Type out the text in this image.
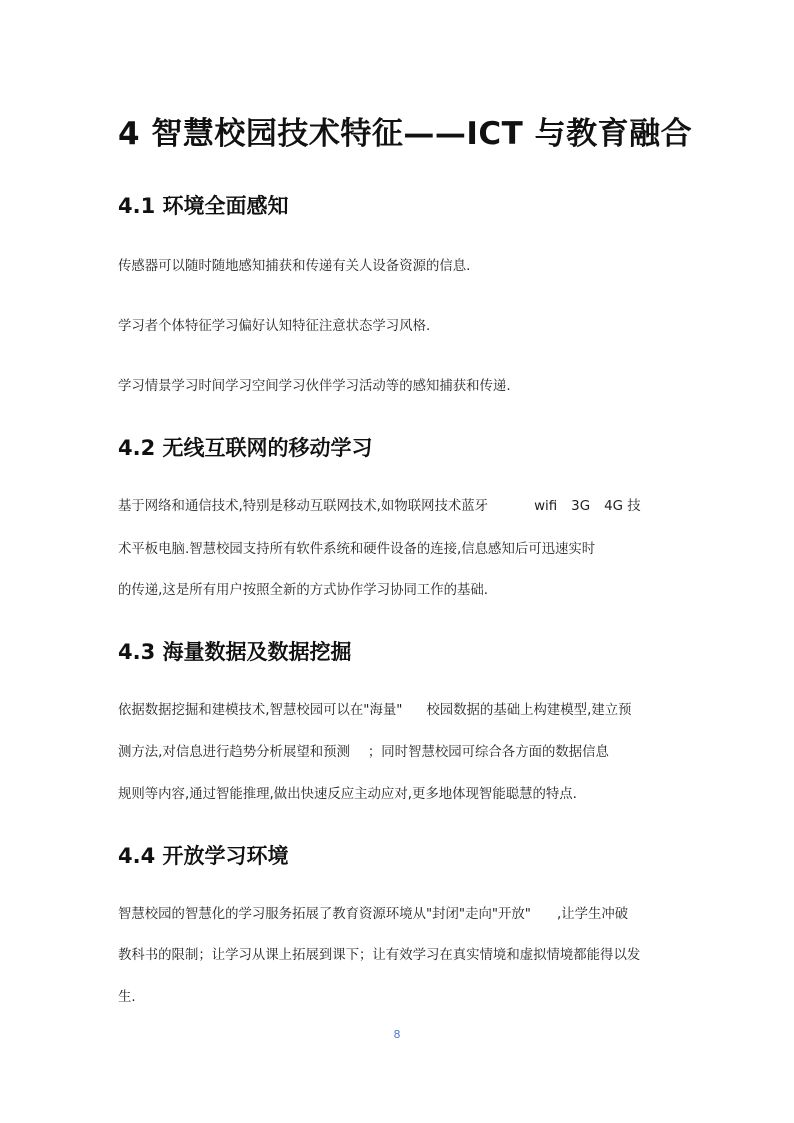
4 智慧校园技术特征——ICT 与教育融合
4.1 环境全面感知
传感器可以随时随地感知捕获和传递有关人设备资源的信息.
学习者个体特征学习偏好认知特征注意状态学习风格.
学习情景学习时间学习空间学习伙伴学习活动等的感知捕获和传递.
4.2 无线互联网的移动学习
基于网络和通信技术,特别是移动互联网技术,如物联网技术蓝牙	wifi 3G 4G 技
术平板电脑.智慧校园支持所有软件系统和硬件设备的连接,信息感知后可迅速实时
的传递,这是所有用户按照全新的方式协作学习协同工作的基础.
4.3 海量数据及数据挖掘
依据数据挖掘和建模技术,智慧校园可以在"海量" 校园数据的基础上构建模型,建立预
测方法,对信息进行趋势分析展望和预测 ；同时智慧校园可综合各方面的数据信息
规则等内容,通过智能推理,做出快速反应主动应对,更多地体现智能聪慧的特点.
4.4 开放学习环境
智慧校园的智慧化的学习服务拓展了教育资源环境从"封闭"走向"开放" ,让学生冲破
教科书的限制；让学习从课上拓展到课下；让有效学习在真实情境和虚拟情境都能得以发
生.
8
